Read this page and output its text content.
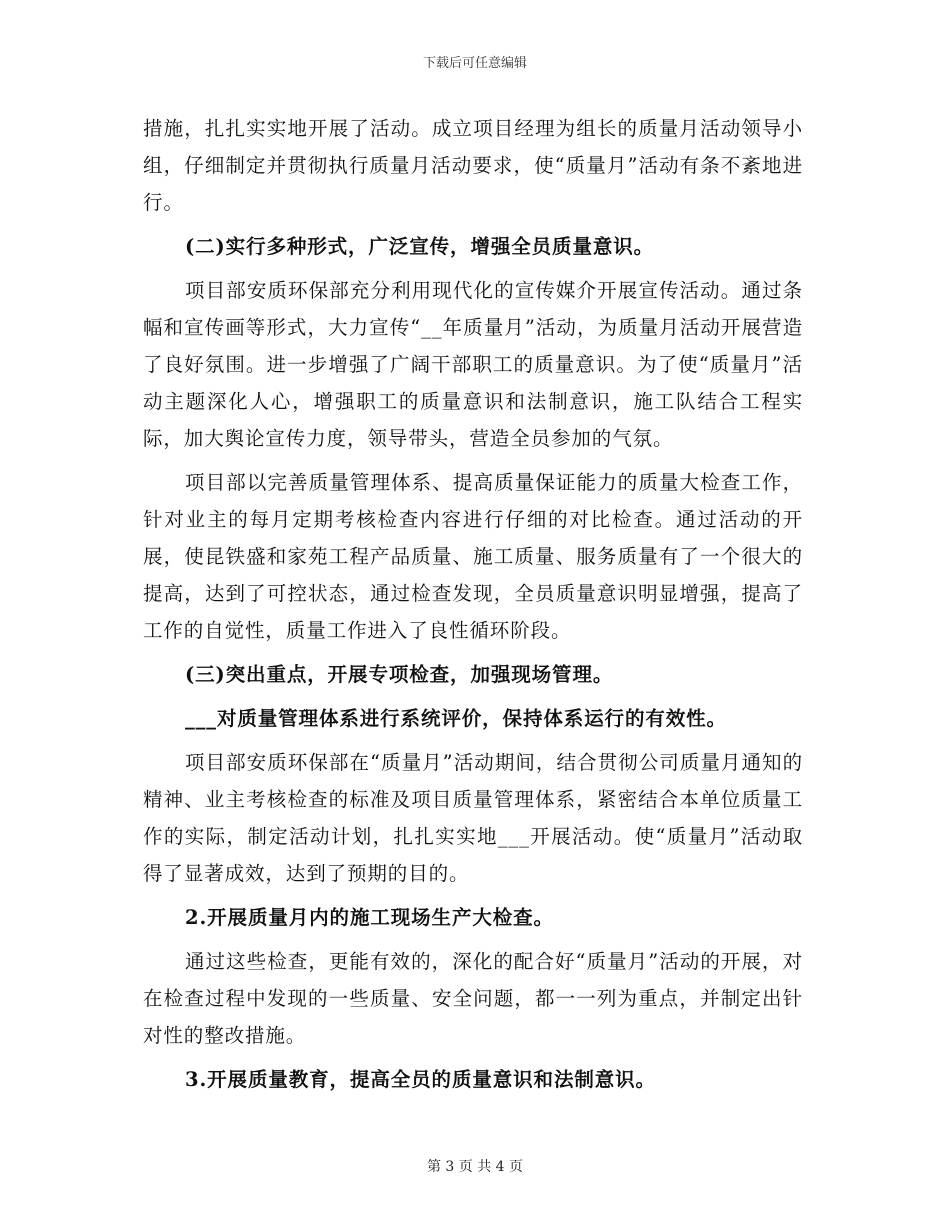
下载后可任意编辑

措施，扎扎实实地开展了活动。成立项目经理为组长的质量月活动领导小组，仔细制定并贯彻执行质量月活动要求，使“质量月”活动有条不紊地进行。

(二)实行多种形式，广泛宣传，增强全员质量意识。

项目部安质环保部充分利用现代化的宣传媒介开展宣传活动。通过条幅和宣传画等形式，大力宣传“__年质量月”活动，为质量月活动开展营造了良好氛围。进一步增强了广阔干部职工的质量意识。为了使“质量月”活动主题深化人心，增强职工的质量意识和法制意识，施工队结合工程实际，加大舆论宣传力度，领导带头，营造全员参加的气氛。

项目部以完善质量管理体系、提高质量保证能力的质量大检查工作，针对业主的每月定期考核检查内容进行仔细的对比检查。通过活动的开展，使昆铁盛和家苑工程产品质量、施工质量、服务质量有了一个很大的提高，达到了可控状态，通过检查发现，全员质量意识明显增强，提高了工作的自觉性，质量工作进入了良性循环阶段。

(三)突出重点，开展专项检查，加强现场管理。

___对质量管理体系进行系统评价，保持体系运行的有效性。

项目部安质环保部在“质量月”活动期间，结合贯彻公司质量月通知的精神、业主考核检查的标准及项目质量管理体系，紧密结合本单位质量工作的实际，制定活动计划，扎扎实实地___开展活动。使“质量月”活动取得了显著成效，达到了预期的目的。

2.开展质量月内的施工现场生产大检查。

通过这些检查，更能有效的，深化的配合好“质量月”活动的开展，对在检查过程中发现的一些质量、安全问题，都一一列为重点，并制定出针对性的整改措施。

3.开展质量教育，提高全员的质量意识和法制意识。

第 3 页 共 4 页
